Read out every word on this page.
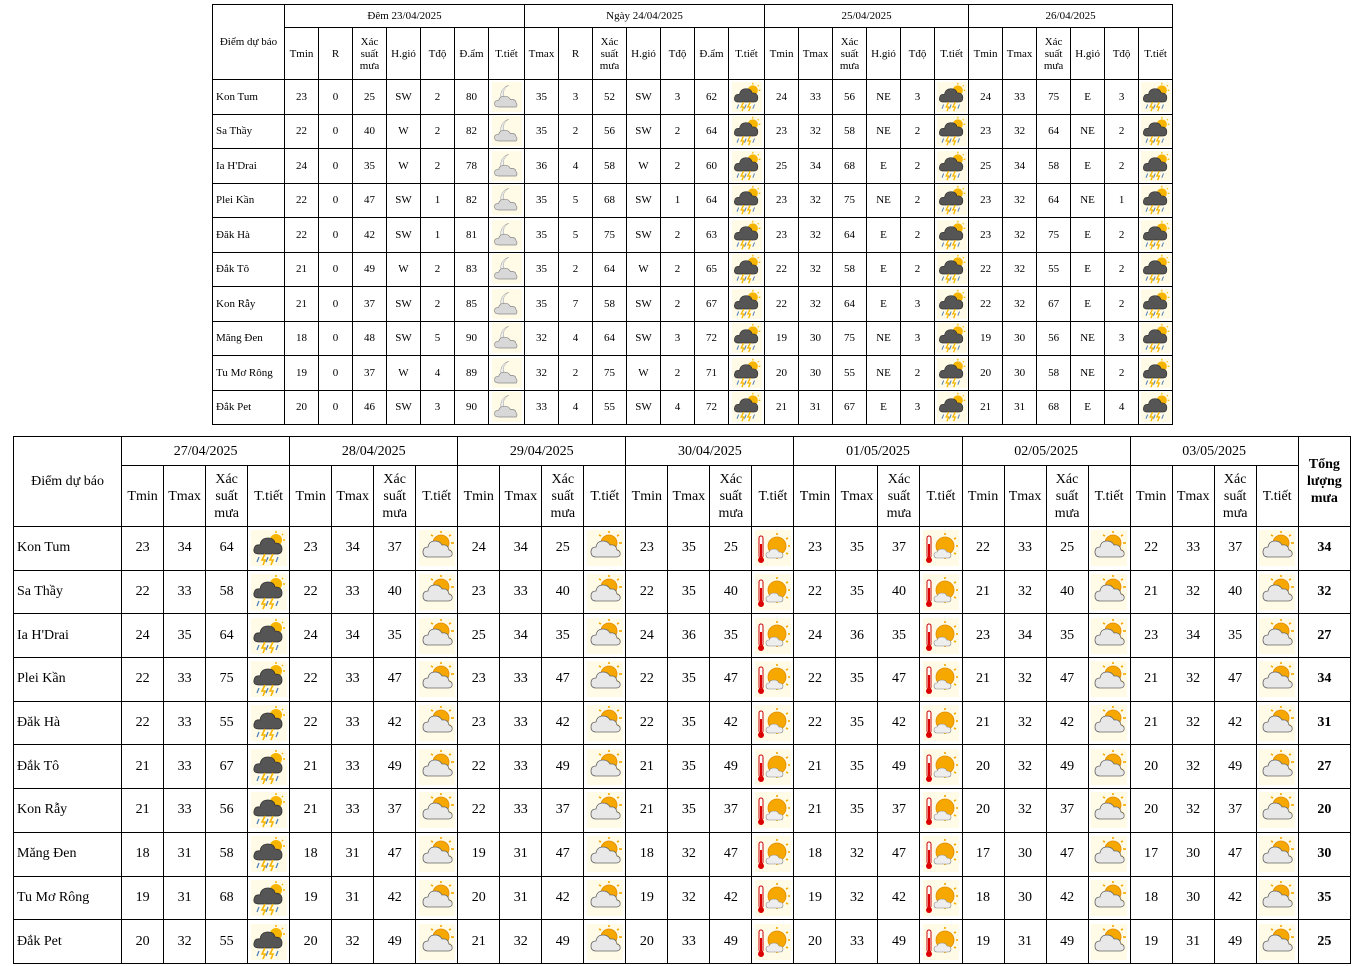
Điểm dự báo	Đêm 23/04/2025							Ngày 24/04/2025							25/04/2025						26/04/2025					
	Tmin	R	Xác suất mưa	H.gió	Tđộ	Đ.ẩm	T.tiết	Tmax	R	Xác suất mưa	H.gió	Tđộ	Đ.ẩm	T.tiết	Tmin	Tmax	Xác suất mưa	H.gió	Tđộ	T.tiết	Tmin	Tmax	Xác suất mưa	H.gió	Tđộ	T.tiết
Kon Tum	23	0	25	SW	2	80		35	3	52	SW	3	62		24	33	56	NE	3		24	33	75	E	3	

Sa Thầy	22	0	40	W	2	82		35	2	56	SW	2	64		23	32	58	NE	2		23	32	64	NE	2	

Ia H'Drai	24	0	35	W	2	78		36	4	58	W	2	60		25	34	68	E	2		25	34	58	E	2	

Plei Kần	22	0	47	SW	1	82		35	5	68	SW	1	64		23	32	75	NE	2		23	32	64	NE	1	

Đăk Hà	22	0	42	SW	1	81		35	5	75	SW	2	63		23	32	64	E	2		23	32	75	E	2	

Đắk Tô	21	0	49	W	2	83		35	2	64	W	2	65		22	32	58	E	2		22	32	55	E	2	

Kon Rẫy	21	0	37	SW	2	85		35	7	58	SW	2	67		22	32	64	E	3		22	32	67	E	2	

Măng Đen	18	0	48	SW	5	90		32	4	64	SW	3	72		19	30	75	NE	3		19	30	56	NE	3	

Tu Mơ Rông	19	0	37	W	4	89		32	2	75	W	2	71		20	30	55	NE	2		20	30	58	NE	2	

Đắk Pet	20	0	46	SW	3	90		33	4	55	SW	4	72		21	31	67	E	3		21	31	68	E	4	
Điểm dự báo	27/04/2025				28/04/2025				29/04/2025				30/04/2025				01/05/2025				02/05/2025				03/05/2025				Tổng lượng mưa
	Tmin	Tmax	Xác suất mưa	T.tiết	Tmin	Tmax	Xác suất mưa	T.tiết	Tmin	Tmax	Xác suất mưa	T.tiết	Tmin	Tmax	Xác suất mưa	T.tiết	Tmin	Tmax	Xác suất mưa	T.tiết	Tmin	Tmax	Xác suất mưa	T.tiết	Tmin	Tmax	Xác suất mưa	T.tiết	
Kon Tum	23	34	64		23	34	37		24	34	25		23	35	25		23	35	37		22	33	25		22	33	37		34
Sa Thầy	22	33	58		22	33	40		23	33	40		22	35	40		22	35	40		21	32	40		21	32	40		32
Ia H'Drai	24	35	64		24	34	35		25	34	35		24	36	35		24	36	35		23	34	35		23	34	35		27
Plei Kần	22	33	75		22	33	47		23	33	47		22	35	47		22	35	47		21	32	47		21	32	47		34
Đăk Hà	22	33	55		22	33	42		23	33	42		22	35	42		22	35	42		21	32	42		21	32	42		31
Đắk Tô	21	33	67		21	33	49		22	33	49		21	35	49		21	35	49		20	32	49		20	32	49		27
Kon Rẫy	21	33	56		21	33	37		22	33	37		21	35	37		21	35	37		20	32	37		20	32	37		20
Măng Đen	18	31	58		18	31	47		19	31	47		18	32	47		18	32	47		17	30	47		17	30	47		30
Tu Mơ Rông	19	31	68		19	31	42		20	31	42		19	32	42		19	32	42		18	30	42		18	30	42		35
Đắk Pet	20	32	55		20	32	49		21	32	49		20	33	49		20	33	49		19	31	49		19	31	49		25
